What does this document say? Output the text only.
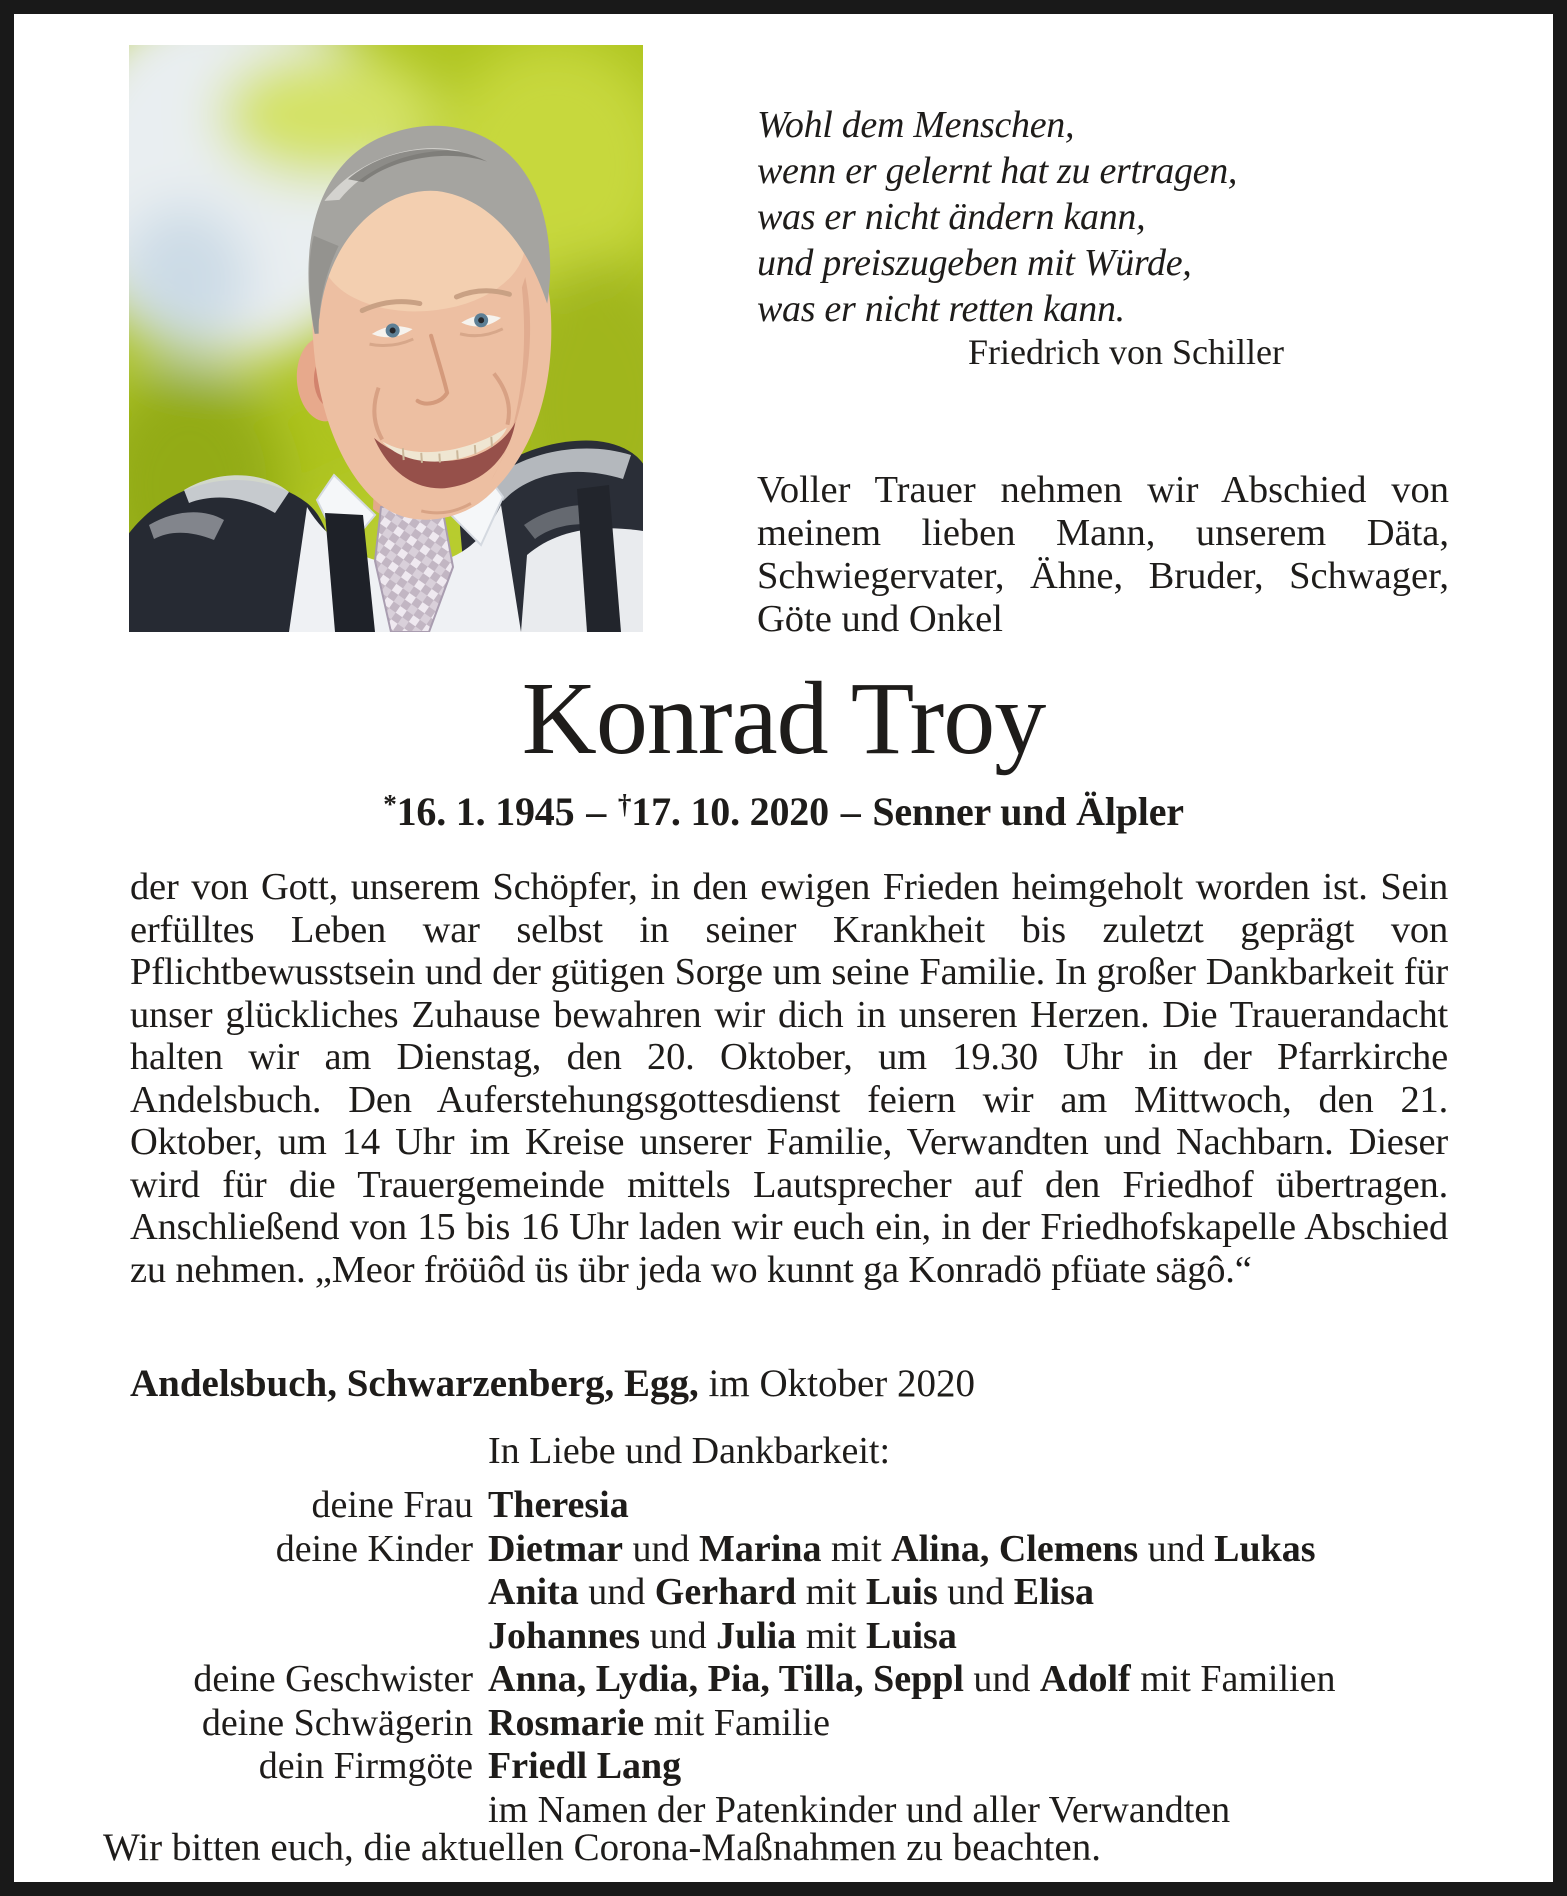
Wohl dem Menschen,
wenn er gelernt hat zu ertragen,
was er nicht ändern kann,
und preiszugeben mit Würde,
was er nicht retten kann.
Friedrich von Schiller
Voller Trauer nehmen wir Abschied von meinem lieben Mann, unserem Däta, Schwiegervater, Ähne, Bruder, Schwager, Göte und Onkel
Konrad Troy
*16. 1. 1945 – †17. 10. 2020 – Senner und Älpler
der von Gott, unserem Schöpfer, in den ewigen Frieden heimgeholt worden ist. Sein erfülltes Leben war selbst in seiner Krankheit bis zuletzt geprägt von Pflichtbewusstsein und der gütigen Sorge um seine Familie. In großer Dankbarkeit für unser glückliches Zuhause bewahren wir dich in unseren Herzen. Die Trauerandacht halten wir am Dienstag, den 20. Oktober, um 19.30 Uhr in der Pfarrkirche Andelsbuch. Den Auferstehungsgottesdienst feiern wir am Mittwoch, den 21. Oktober, um 14 Uhr im Kreise unserer Familie, Verwandten und Nachbarn. Dieser wird für die Trauergemeinde mittels Lautsprecher auf den Friedhof übertragen. Anschließend von 15 bis 16 Uhr laden wir euch ein, in der Friedhofskapelle Abschied zu nehmen. „Meor fröüôd üs übr jeda wo kunnt ga Konradö pfüate sägô.“
Andelsbuch, Schwarzenberg, Egg, im Oktober 2020
In Liebe und Dankbarkeit:
deine Frau Theresia
deine Kinder Dietmar und Marina mit Alina, Clemens und Lukas
Anita und Gerhard mit Luis und Elisa
Johannes und Julia mit Luisa
deine Geschwister Anna, Lydia, Pia, Tilla, Seppl und Adolf mit Familien
deine Schwägerin Rosmarie mit Familie
dein Firmgöte Friedl Lang
im Namen der Patenkinder und aller Verwandten
Wir bitten euch, die aktuellen Corona-Maßnahmen zu beachten.
